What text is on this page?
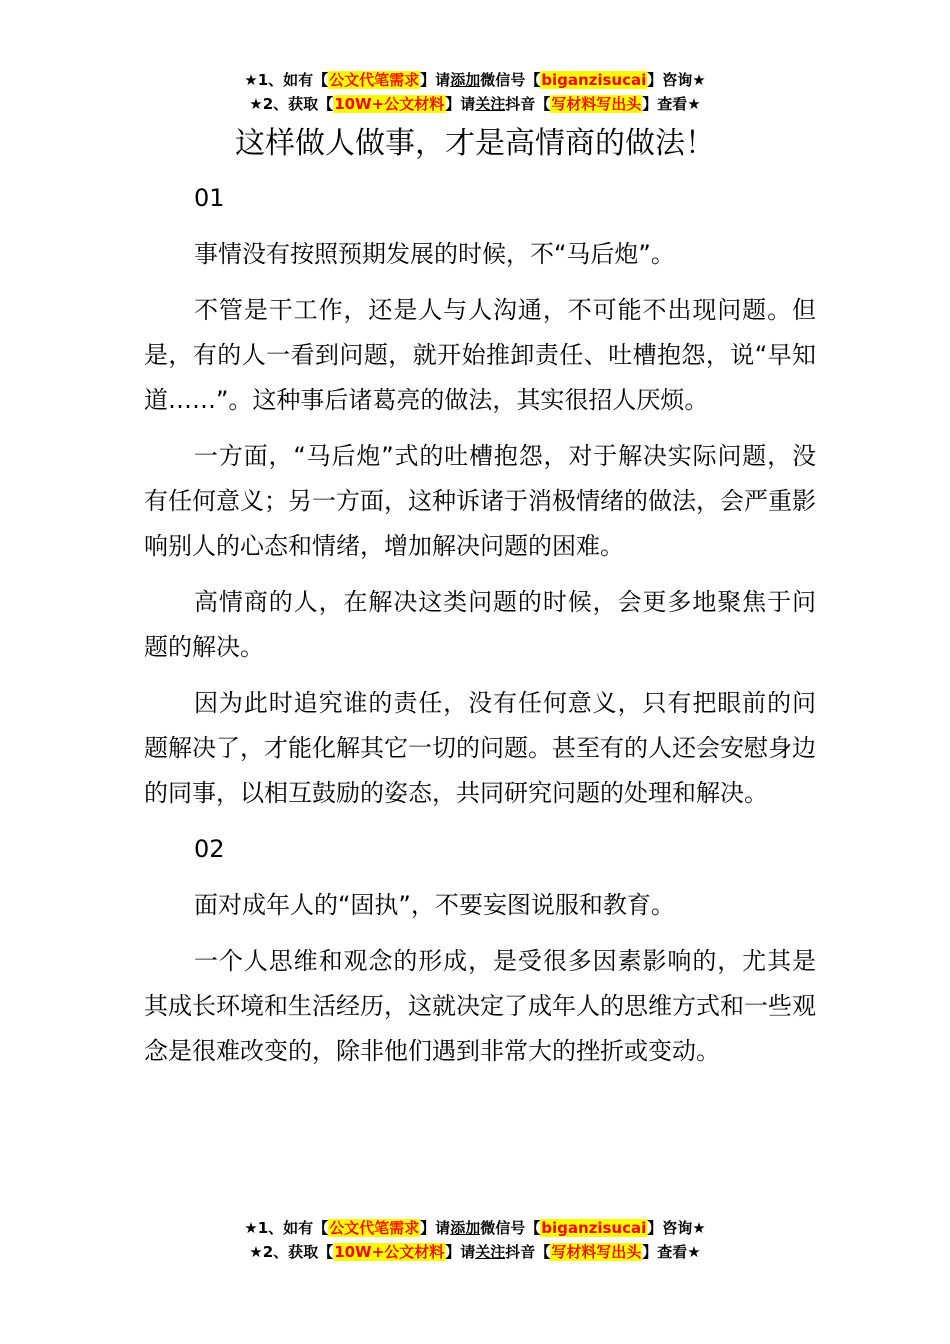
★1、如有【公文代笔需求】请添加微信号【biganzisucai】咨询★
★2、获取【10W+公文材料】请关注抖音【写材料写出头】查看★
这样做人做事，才是高情商的做法！

01

事情没有按照预期发展的时候，不“马后炮”。

不管是干工作，还是人与人沟通，不可能不出现问题。但是，有的人一看到问题，就开始推卸责任、吐槽抱怨，说“早知道……”。这种事后诸葛亮的做法，其实很招人厌烦。

一方面，“马后炮”式的吐槽抱怨，对于解决实际问题，没有任何意义；另一方面，这种诉诸于消极情绪的做法，会严重影响别人的心态和情绪，增加解决问题的困难。

高情商的人，在解决这类问题的时候，会更多地聚焦于问题的解决。

因为此时追究谁的责任，没有任何意义，只有把眼前的问题解决了，才能化解其它一切的问题。甚至有的人还会安慰身边的同事，以相互鼓励的姿态，共同研究问题的处理和解决。

02

面对成年人的“固执”，不要妄图说服和教育。

一个人思维和观念的形成，是受很多因素影响的，尤其是其成长环境和生活经历，这就决定了成年人的思维方式和一些观念是很难改变的，除非他们遇到非常大的挫折或变动。

★1、如有【公文代笔需求】请添加微信号【biganzisucai】咨询★
★2、获取【10W+公文材料】请关注抖音【写材料写出头】查看★
